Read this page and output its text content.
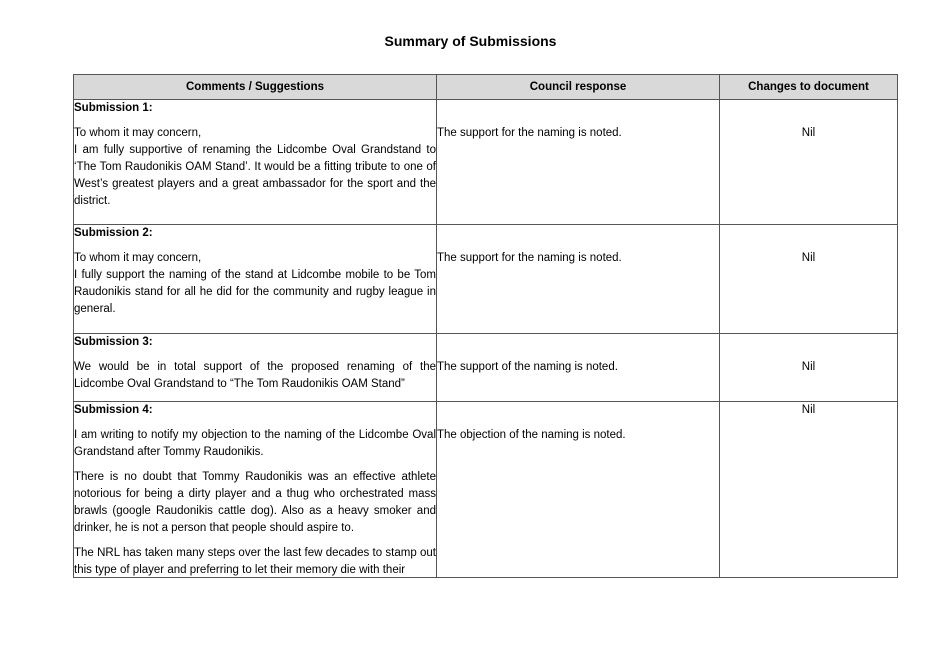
Summary of Submissions
Comments / Suggestions	Council response	Changes to document

Submission 1:
To whom it may concern,
I am fully supportive of renaming the Lidcombe Oval Grandstand to ‘The Tom Raudonikis OAM Stand’. It would be a fitting tribute to one of West’s greatest players and a great ambassador for the sport and the district.	The support for the naming is noted.	Nil

Submission 2:
To whom it may concern,
I fully support the naming of the stand at Lidcombe mobile to be Tom Raudonikis stand for all he did for the community and rugby league in general.	The support for the naming is noted.	Nil

Submission 3:
We would be in total support of the proposed renaming of the Lidcombe Oval Grandstand to “The Tom Raudonikis OAM Stand”	The support of the naming is noted.	Nil

Submission 4:
I am writing to notify my objection to the naming of the Lidcombe Oval Grandstand after Tommy Raudonikis.
There is no doubt that Tommy Raudonikis was an effective athlete notorious for being a dirty player and a thug who orchestrated mass brawls (google Raudonikis cattle dog). Also as a heavy smoker and drinker, he is not a person that people should aspire to.
The NRL has taken many steps over the last few decades to stamp out this type of player and preferring to let their memory die with their	The objection of the naming is noted.	Nil
